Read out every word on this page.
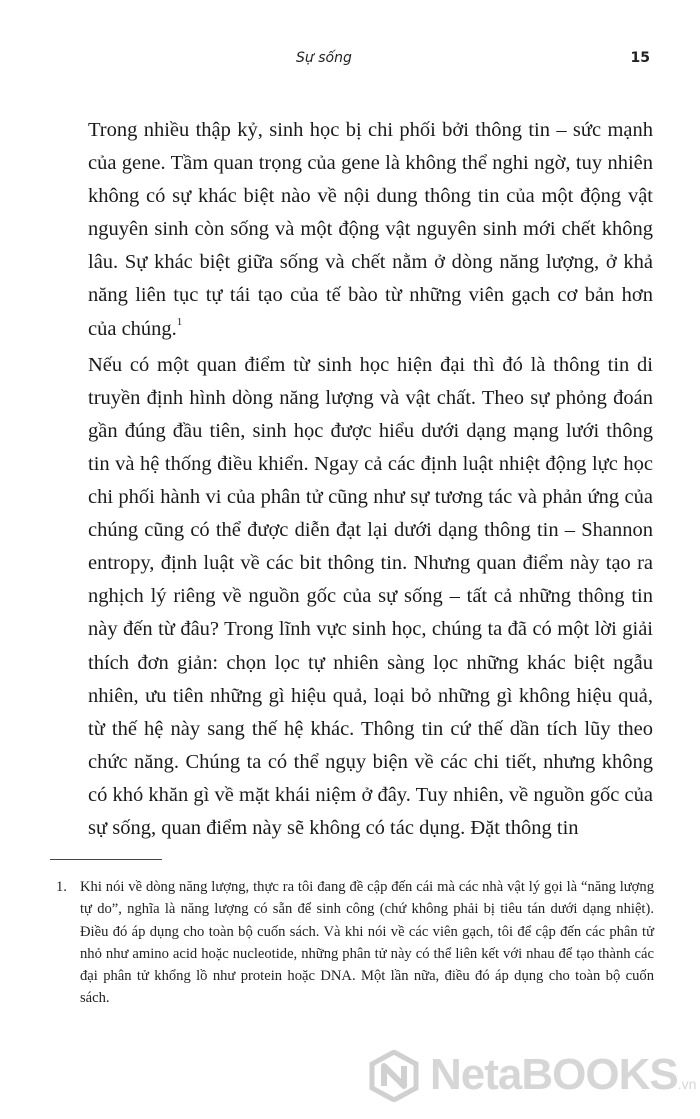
Sự sống	15

Trong nhiều thập kỷ, sinh học bị chi phối bởi thông tin – sức mạnh của gene. Tầm quan trọng của gene là không thể nghi ngờ, tuy nhiên không có sự khác biệt nào về nội dung thông tin của một động vật nguyên sinh còn sống và một động vật nguyên sinh mới chết không lâu. Sự khác biệt giữa sống và chết nằm ở dòng năng lượng, ở khả năng liên tục tự tái tạo của tế bào từ những viên gạch cơ bản hơn của chúng.$^1$

Nếu có một quan điểm từ sinh học hiện đại thì đó là thông tin di truyền định hình dòng năng lượng và vật chất. Theo sự phỏng đoán gần đúng đầu tiên, sinh học được hiểu dưới dạng mạng lưới thông tin và hệ thống điều khiển. Ngay cả các định luật nhiệt động lực học chi phối hành vi của phân tử cũng như sự tương tác và phản ứng của chúng cũng có thể được diễn đạt lại dưới dạng thông tin – Shannon entropy, định luật về các bit thông tin. Nhưng quan điểm này tạo ra nghịch lý riêng về nguồn gốc của sự sống – tất cả những thông tin này đến từ đâu? Trong lĩnh vực sinh học, chúng ta đã có một lời giải thích đơn giản: chọn lọc tự nhiên sàng lọc những khác biệt ngẫu nhiên, ưu tiên những gì hiệu quả, loại bỏ những gì không hiệu quả, từ thế hệ này sang thế hệ khác. Thông tin cứ thế dần tích lũy theo chức năng. Chúng ta có thể ngụy biện về các chi tiết, nhưng không có khó khăn gì về mặt khái niệm ở đây. Tuy nhiên, về nguồn gốc của sự sống, quan điểm này sẽ không có tác dụng. Đặt thông tin

1. Khi nói về dòng năng lượng, thực ra tôi đang đề cập đến cái mà các nhà vật lý gọi là “năng lượng tự do”, nghĩa là năng lượng có sẵn để sinh công (chứ không phải bị tiêu tán dưới dạng nhiệt). Điều đó áp dụng cho toàn bộ cuốn sách. Và khi nói về các viên gạch, tôi để cập đến các phân tử nhỏ như amino acid hoặc nucleotide, những phân tử này có thể liên kết với nhau để tạo thành các đại phân tử khổng lồ như protein hoặc DNA. Một lần nữa, điều đó áp dụng cho toàn bộ cuốn sách.
NetaBOOKS.vn
